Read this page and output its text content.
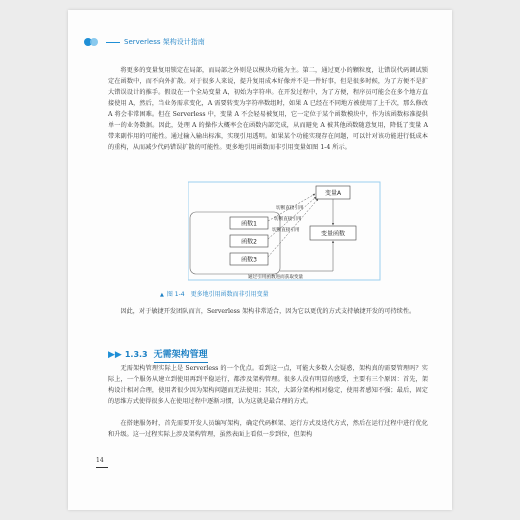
Serverless 架构设计指南
将更多的变量复用锁定在局部，而局部之外则是以模块功能为主。第二，通过更小的颗粒度，让错误代码调试锁定在函数中，而不向外扩散。对于很多人来说，提升复用成本好像并不是一件好事，但是很多时候，为了方便不是扩大错误设计的推手。假设在一个全局变量 A，初始为字符串。在开发过程中，为了方便，程序员可能会在多个地方直接使用 A，然后，当业务需求变化，A 需要转变为字符串数组时，如果 A 已经在不同地方被使用了上千次，那么修改 A 将会非常困难。但在 Serverless 中，变量 A 不会轻易被复用，它一定位于某个函数模块中，作为该函数标准提供单一的业务数据。因此，处理 A 的操作大概率会在函数内部完成，从而避免 A 被其他函数随意复用，降低了变量 A 带来副作用的可能性。通过输入输出标准，实现引用透明。如果某个功能实现存在问题，可以针对该功能进行低成本的重构，从而减少代码错误扩散的可能性。更多地引用函数而非引用变量如图 1-4 所示。
函数1
函数2
函数3
变量A
变量函数
切断直接引用
切断直接引用
切断直接引用
通过引用函数进而获取变量
▲ 图 1-4 更多地引用函数而非引用变量
因此，对于敏捷开发团队而言，Serverless 架构非常适合，因为它以更优的方式支持敏捷开发的可持续性。
▶▶ 1.3.3 无需架构管理
无需架构管理实际上是 Serverless 的一个优点。看到这一点，可能大多数人会疑惑，架构真的需要管理吗？实际上，一个服务从建立到使用再到平稳运行，都涉及架构管理。很多人没有明显的感受，主要有三个原因：首先，架构设计相对合理，使用者很少因为架构问题而无法使用；其次，大部分架构相对稳定，使用者感知不强；最后，固定的思维方式使得很多人在使用过程中逐渐习惯，认为这就是最合理的方式。
在搭建服务时，首先需要开发人员编写架构，确定代码框架、运行方式及迭代方式，然后在运行过程中进行优化和升级。这一过程实际上涉及架构管理，虽然表面上看似一步到位，但架构
14
